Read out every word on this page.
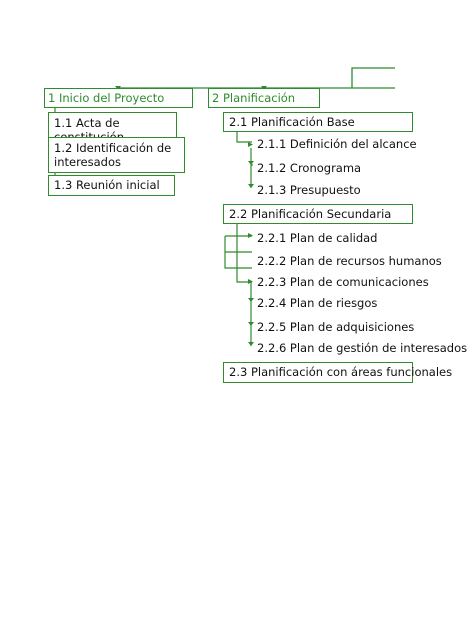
1 Inicio del Proyecto
1.1 Acta de
1.2 Identificación de interesados
1.3 Reunión inicial
2 Planificación
2.1 Planificación Base
2.1.1 Definición del alcance
2.1.2 Cronograma
2.1.3 Presupuesto
2.2 Planificación Secundaria
2.2.1 Plan de calidad
2.2.2 Plan de recursos humanos
2.2.3 Plan de comunicaciones
2.2.4 Plan de riesgos
2.2.5 Plan de adquisiciones
2.2.6 Plan de gestión de interesados
2.3 Planificación con áreas funcionales
